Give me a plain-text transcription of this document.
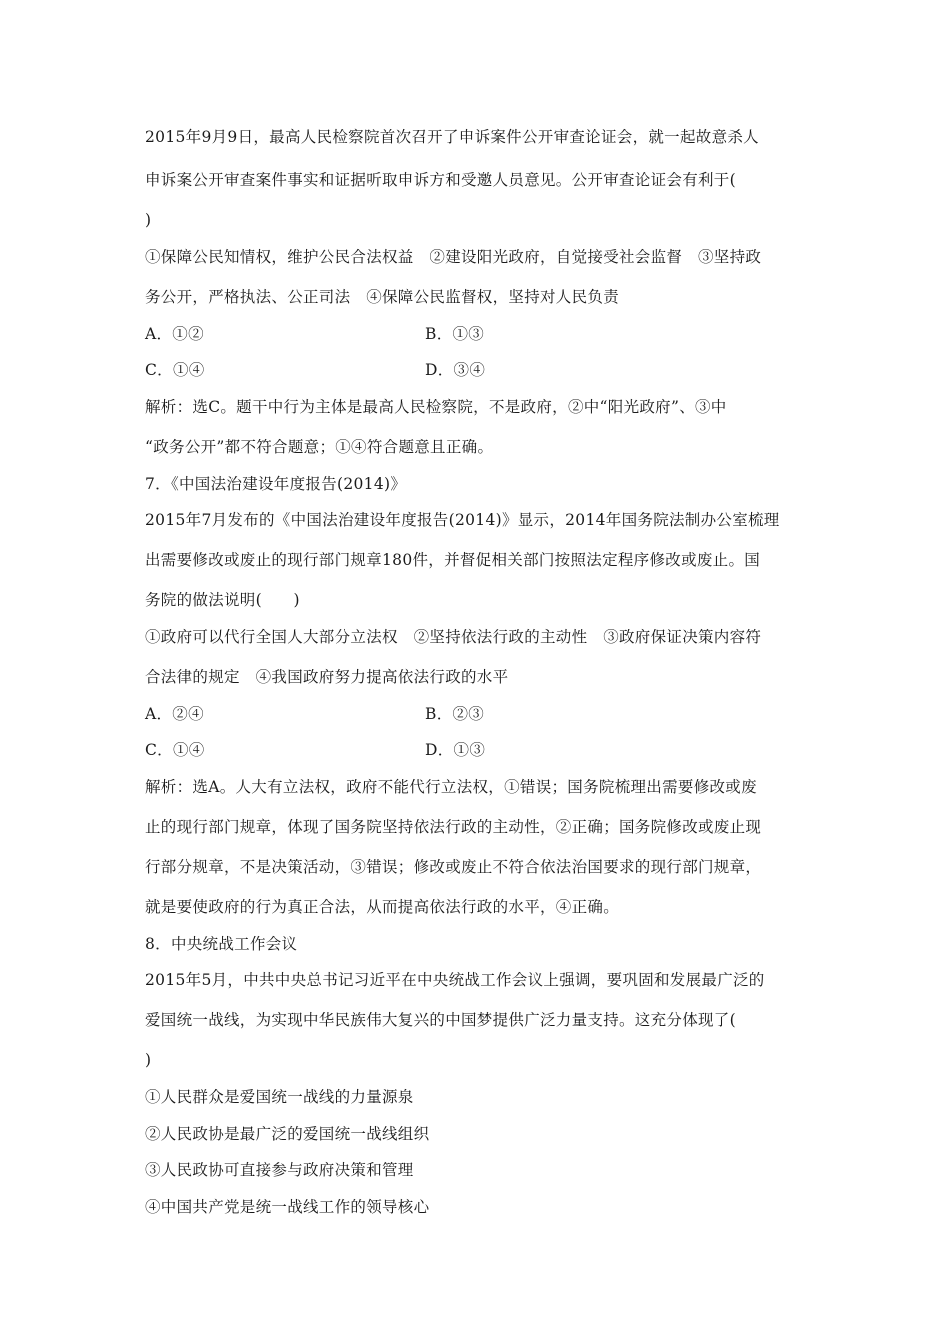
2015年9月9日，最高人民检察院首次召开了申诉案件公开审查论证会，就一起故意杀人
申诉案公开审查案件事实和证据听取申诉方和受邀人员意见。公开审查论证会有利于(
)
①保障公民知情权，维护公民合法权益　②建设阳光政府，自觉接受社会监督　③坚持政
务公开，严格执法、公正司法　④保障公民监督权，坚持对人民负责
A．①②	B．①③
C．①④	D．③④
解析：选C。题干中行为主体是最高人民检察院，不是政府，②中“阳光政府”、③中
“政务公开”都不符合题意；①④符合题意且正确。
7．《中国法治建设年度报告(2014)》
2015年7月发布的《中国法治建设年度报告(2014)》显示，2014年国务院法制办公室梳理
出需要修改或废止的现行部门规章180件，并督促相关部门按照法定程序修改或废止。国
务院的做法说明(　　)
①政府可以代行全国人大部分立法权　②坚持依法行政的主动性　③政府保证决策内容符
合法律的规定　④我国政府努力提高依法行政的水平
A．②④	B．②③
C．①④	D．①③
解析：选A。人大有立法权，政府不能代行立法权，①错误；国务院梳理出需要修改或废
止的现行部门规章，体现了国务院坚持依法行政的主动性，②正确；国务院修改或废止现
行部分规章，不是决策活动，③错误；修改或废止不符合依法治国要求的现行部门规章，
就是要使政府的行为真正合法，从而提高依法行政的水平，④正确。
8．中央统战工作会议
2015年5月，中共中央总书记习近平在中央统战工作会议上强调，要巩固和发展最广泛的
爱国统一战线，为实现中华民族伟大复兴的中国梦提供广泛力量支持。这充分体现了(
)
①人民群众是爱国统一战线的力量源泉
②人民政协是最广泛的爱国统一战线组织
③人民政协可直接参与政府决策和管理
④中国共产党是统一战线工作的领导核心
